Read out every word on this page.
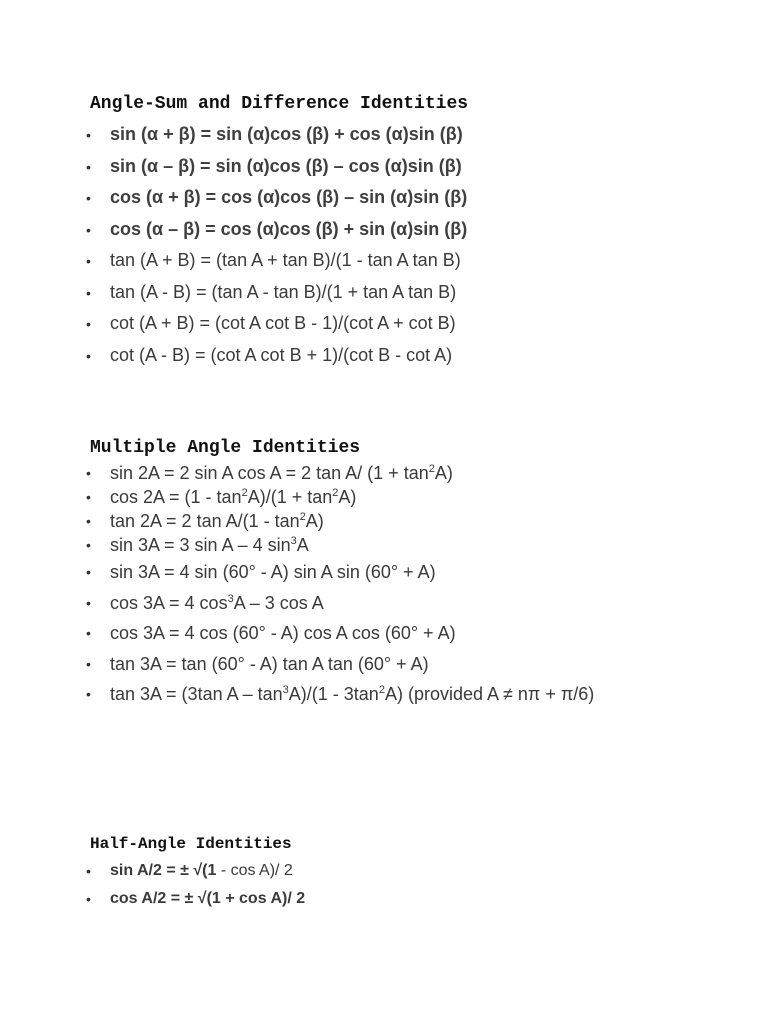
Angle-Sum and Difference Identities
• sin (α + β) = sin (α)cos (β) + cos (α)sin (β)
• sin (α – β) = sin (α)cos (β) – cos (α)sin (β)
• cos (α + β) = cos (α)cos (β) – sin (α)sin (β)
• cos (α – β) = cos (α)cos (β) + sin (α)sin (β)
• tan (A + B) = (tan A + tan B)/(1 - tan A tan B)
• tan (A - B) = (tan A - tan B)/(1 + tan A tan B)
• cot (A + B) = (cot A cot B - 1)/(cot A + cot B)
• cot (A - B) = (cot A cot B + 1)/(cot B - cot A)
Multiple Angle Identities
• sin 2A = 2 sin A cos A = 2 tan A/ $(1 + \tan^2A)$
• $\cos 2A = (1 - \tan^2A)/(1 + \tan^2A)$
• tan 2A = 2 $\tan A/(1 - \tan^2A)$
• sin 3A = 3 sin A – 4 $\sin^3A$
• sin 3A = 4 sin (60° - A) sin A sin (60° + A)
• cos 3A = 4 $\cos^3A - 3$ cos A
• cos 3A = 4 cos (60° - A) cos A cos (60° + A)
• tan 3A = tan (60° - A) tan A tan (60° + A)
• tan 3A = (3tan A – $\tan^3A)/(1 - 3\tan^2A)$ (provided A ≠ nπ + π/6)
Half-Angle Identities
• sin A/2 = ± √(1 - cos A)/ 2
• cos A/2 = ± √(1 + cos A)/ 2
